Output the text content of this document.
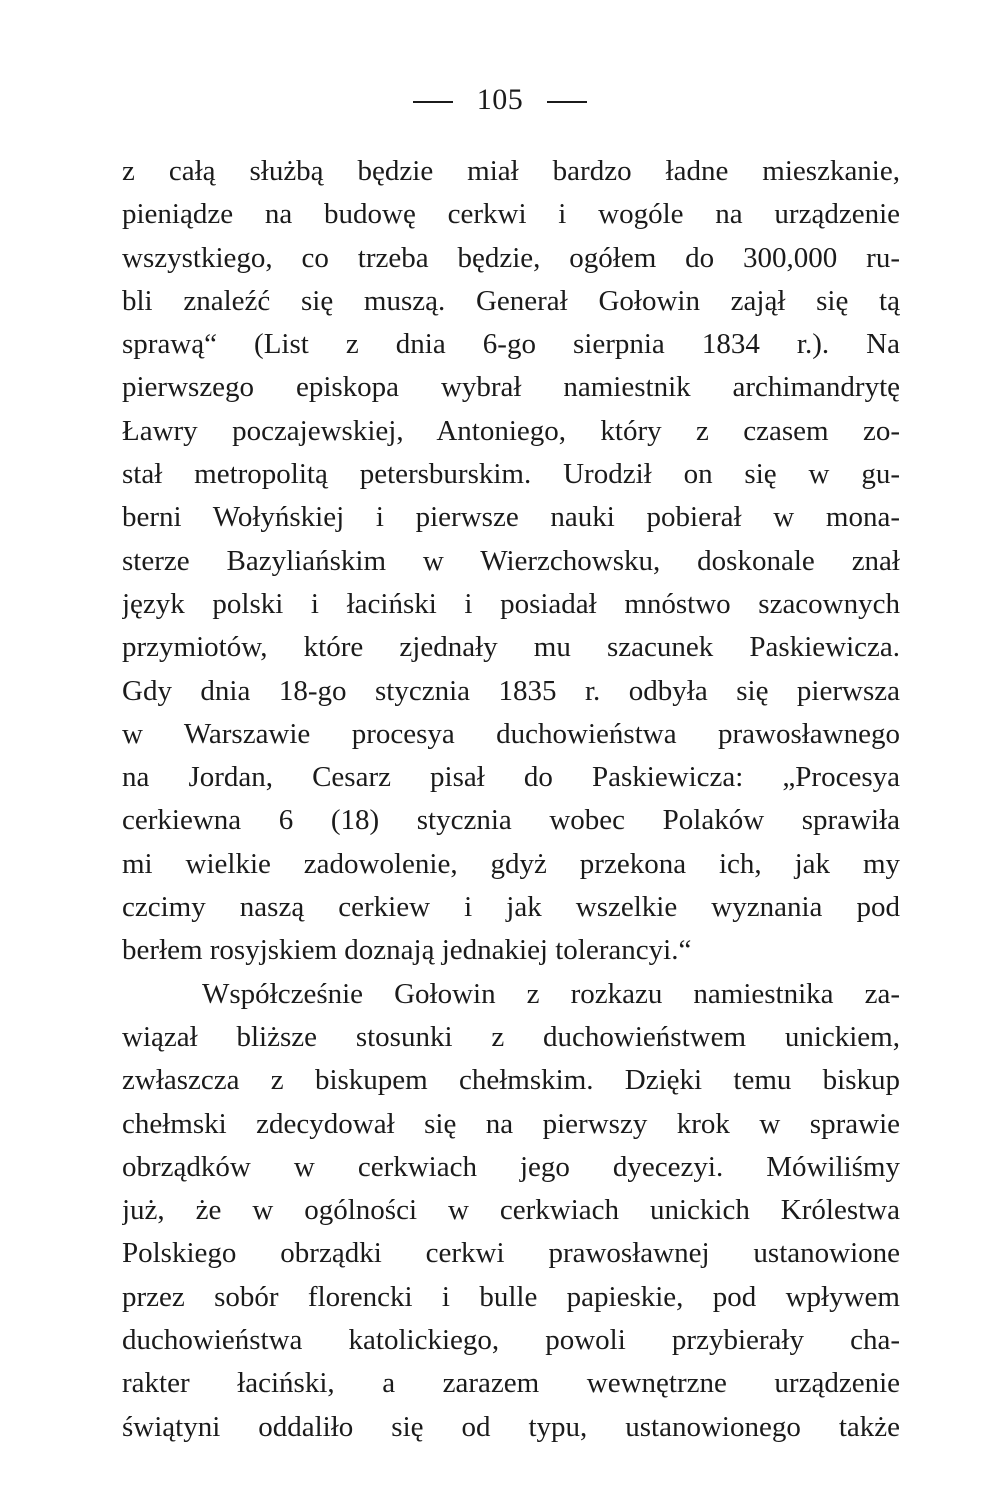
105
z całą służbą będzie miał bardzo ładne mieszkanie,
pieniądze na budowę cerkwi i wogóle na urządzenie
wszystkiego, co trzeba będzie, ogółem do 300,000 ru-
bli znaleźć się muszą. Generał Gołowin zajął się tą
sprawą“ (List z dnia 6-go sierpnia 1834 r.). Na
pierwszego episkopa wybrał namiestnik archimandrytę
Ławry poczajewskiej, Antoniego, który z czasem zo-
stał metropolitą petersburskim. Urodził on się w gu-
berni Wołyńskiej i pierwsze nauki pobierał w mona-
sterze Bazyliańskim w Wierzchowsku, doskonale znał
język polski i łaciński i posiadał mnóstwo szacownych
przymiotów, które zjednały mu szacunek Paskiewicza.
Gdy dnia 18-go stycznia 1835 r. odbyła się pierwsza
w Warszawie procesya duchowieństwa prawosławnego
na Jordan, Cesarz pisał do Paskiewicza: „Procesya
cerkiewna 6 (18) stycznia wobec Polaków sprawiła
mi wielkie zadowolenie, gdyż przekona ich, jak my
czcimy naszą cerkiew i jak wszelkie wyznania pod
berłem rosyjskiem doznają jednakiej tolerancyi.“
Współcześnie Gołowin z rozkazu namiestnika za-
wiązał bliższe stosunki z duchowieństwem unickiem,
zwłaszcza z biskupem chełmskim. Dzięki temu biskup
chełmski zdecydował się na pierwszy krok w sprawie
obrządków w cerkwiach jego dyecezyi. Mówiliśmy
już, że w ogólności w cerkwiach unickich Królestwa
Polskiego obrządki cerkwi prawosławnej ustanowione
przez sobór florencki i bulle papieskie, pod wpływem
duchowieństwa katolickiego, powoli przybierały cha-
rakter łaciński, a zarazem wewnętrzne urządzenie
świątyni oddaliło się od typu, ustanowionego także
